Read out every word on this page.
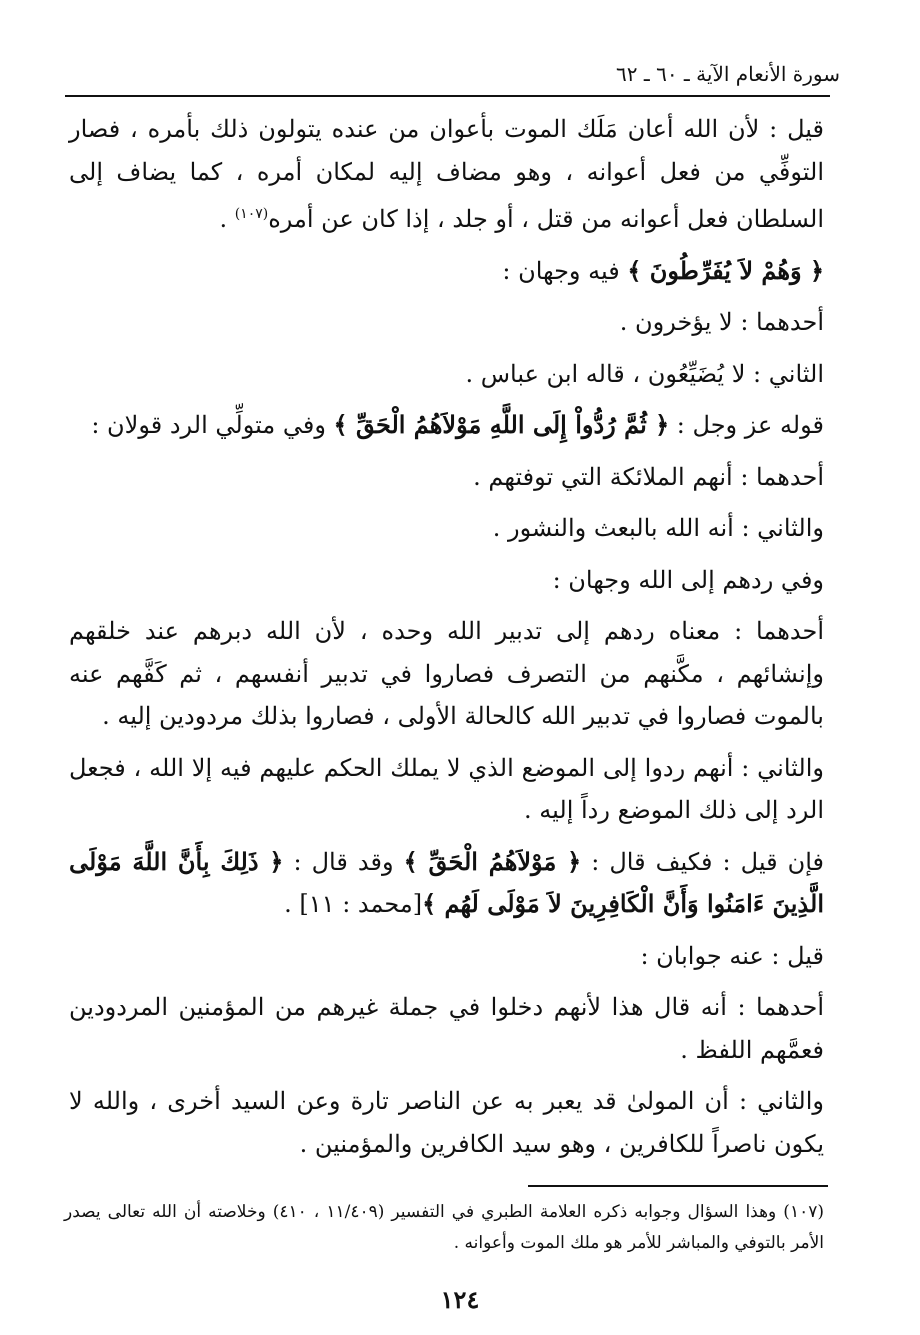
سورة الأنعام الآية ـ ٦٠ ـ ٦٢

قيل : لأن الله أعان مَلَك الموت بأعوان من عنده يتولون ذلك بأمره ، فصار التوفِّي من فعل أعوانه ، وهو مضاف إليه لمكان أمره ، كما يضاف إلى السلطان فعل أعوانه من قتل ، أو جلد ، إذا كان عن أمره$^{(١٠٧)}$ .

﴿ وَهُمْ لاَ يُفَرِّطُونَ ﴾ فيه وجهان :

أحدهما : لا يؤخرون .

الثاني : لا يُضَيِّعُون ، قاله ابن عباس .

قوله عز وجل : ﴿ ثُمَّ رُدُّواْ إِلَى اللَّهِ مَوْلاَهُمُ الْحَقِّ ﴾ وفي متولِّي الرد قولان :

أحدهما : أنهم الملائكة التي توفتهم .

والثاني : أنه الله بالبعث والنشور .

وفي ردهم إلى الله وجهان :

أحدهما : معناه ردهم إلى تدبير الله وحده ، لأن الله دبرهم عند خلقهم وإنشائهم ، مكَّنهم من التصرف فصاروا في تدبير أنفسهم ، ثم كَفَّهم عنه بالموت فصاروا في تدبير الله كالحالة الأولى ، فصاروا بذلك مردودين إليه .

والثاني : أنهم ردوا إلى الموضع الذي لا يملك الحكم عليهم فيه إلا الله ، فجعل الرد إلى ذلك الموضع رداً إليه .

فإن قيل : فكيف قال : ﴿ مَوْلاَهُمُ الْحَقِّ ﴾ وقد قال : ﴿ ذَلِكَ بِأَنَّ اللَّهَ مَوْلَى الَّذِينَ ءَامَنُوا وَأَنَّ الْكَافِرِينَ لاَ مَوْلَى لَهُم ﴾[محمد : ١١] .

قيل : عنه جوابان :

أحدهما : أنه قال هذا لأنهم دخلوا في جملة غيرهم من المؤمنين المردودين فعمَّهم اللفظ .

والثاني : أن المولىٰ قد يعبر به عن الناصر تارة وعن السيد أخرى ، والله لا يكون ناصراً للكافرين ، وهو سيد الكافرين والمؤمنين .

(١٠٧) وهذا السؤال وجوابه ذكره العلامة الطبري في التفسير (١١/٤٠٩ ، ٤١٠) وخلاصته أن الله تعالى يصدر الأمر بالتوفي والمباشر للأمر هو ملك الموت وأعوانه .
١٢٤
